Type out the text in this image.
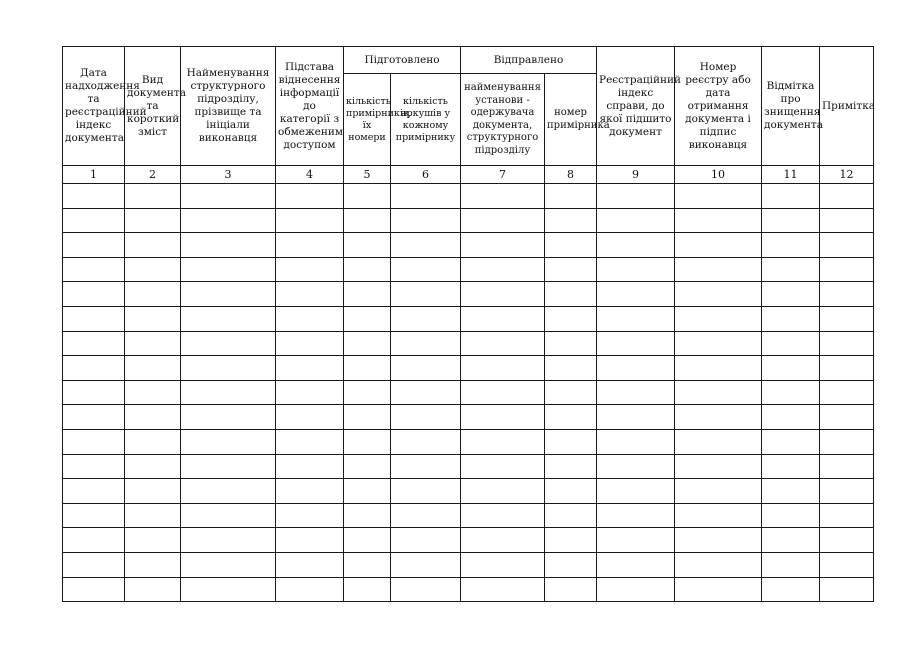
Дата надходження та реєстраційний індекс документа	Вид документа та короткий зміст	Найменування структурного підрозділу, прізвище та ініціали виконавця	Підстава віднесення інформації до категорії з обмеженим доступом	Підготовлено		Відправлено		Реєстраційний індекс справи, до якої підшито документ	Номер реєстру або дата отримання документа і підпис виконавця	Відмітка про знищення документа	Примітка
				кількість примірників, їх номери	кількість аркушів у кожному примірнику	найменування установи - одержувача документа, структурного підрозділу	номер примірника				
1	2	3	4	5	6	7	8	9	10	11	12
